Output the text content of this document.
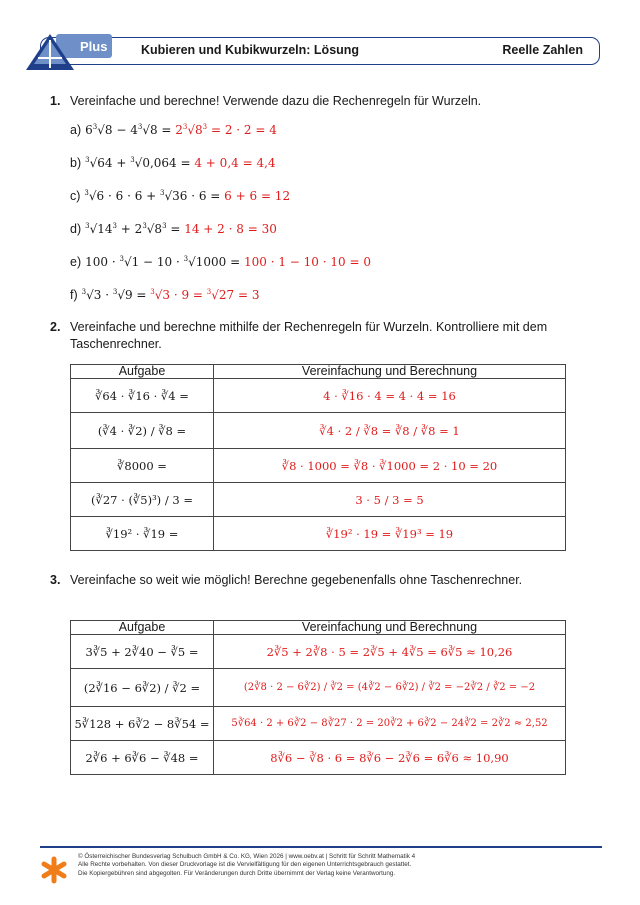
Kubieren und Kubikwurzeln: Lösung	Reelle Zahlen
Plus
1. Vereinfache und berechne! Verwende dazu die Rechenregeln für Wurzeln.
a) $6^3√8 - 4^3√8 = 2^3√8^3 = 2 \cdot 2 = 4$
b) $^3$√64 + $^3$√0,064 = 4 + 0,4 = 4,4
c) $^3$√6 · 6 · 6 + $^3$√36 · 6 = 6 + 6 = 12
d) $^3√14^3 + 2^3√8^3 = 14 + 2 \cdot 8 = 30$
e) 100 · $^3$√1 − 10 · $^3$√1000 = 100 · 1 − 10 · 10 = 0
f) $^3$√3 · $^3$√9 = $^3$√3 · 9 = $^3$√27 = 3
2. Vereinfache und berechne mithilfe der Rechenregeln für Wurzeln. Kontrolliere mit dem Taschenrechner.
Aufgabe	Vereinfachung und Berechnung
∛64 · ∛16 · ∛4 =	4 · ∛16 · 4 = 4 · 4 = 16
(∛4 · ∛2) / ∛8 =	∛4 · 2 / ∛8 = ∛8 / ∛8 = 1
∛8000 =	∛8 · 1000 = ∛8 · ∛1000 = 2 · 10 = 20
(∛27 · (∛5)³) / 3 =	3 · 5 / 3 = 5
∛19² · ∛19 =	∛19² · 19 = ∛19³ = 19
3. Vereinfache so weit wie möglich! Berechne gegebenenfalls ohne Taschenrechner.
Aufgabe	Vereinfachung und Berechnung
3∛5 + 2∛40 − ∛5 =	2∛5 + 2∛8 · 5 = 2∛5 + 4∛5 = 6∛5 ≈ 10,26
(2∛16 − 6∛2) / ∛2 =	(2∛8 · 2 − 6∛2) / ∛2 = (4∛2 − 6∛2) / ∛2 = −2∛2 / ∛2 = −2
5∛128 + 6∛2 − 8∛54 =	5∛64 · 2 + 6∛2 − 8∛27 · 2 = 20∛2 + 6∛2 − 24∛2 = 2∛2 ≈ 2,52
2∛6 + 6∛6 − ∛48 =	8∛6 − ∛8 · 6 = 8∛6 − 2∛6 = 6∛6 ≈ 10,90
© Österreichischer Bundesverlag Schulbuch GmbH & Co. KG, Wien 2026 | www.oebv.at | Schritt für Schritt Mathematik 4
Alle Rechte vorbehalten. Von dieser Druckvorlage ist die Vervielfältigung für den eigenen Unterrichtsgebrauch gestattet.
Die Kopiergebühren sind abgegolten. Für Veränderungen durch Dritte übernimmt der Verlag keine Verantwortung.
